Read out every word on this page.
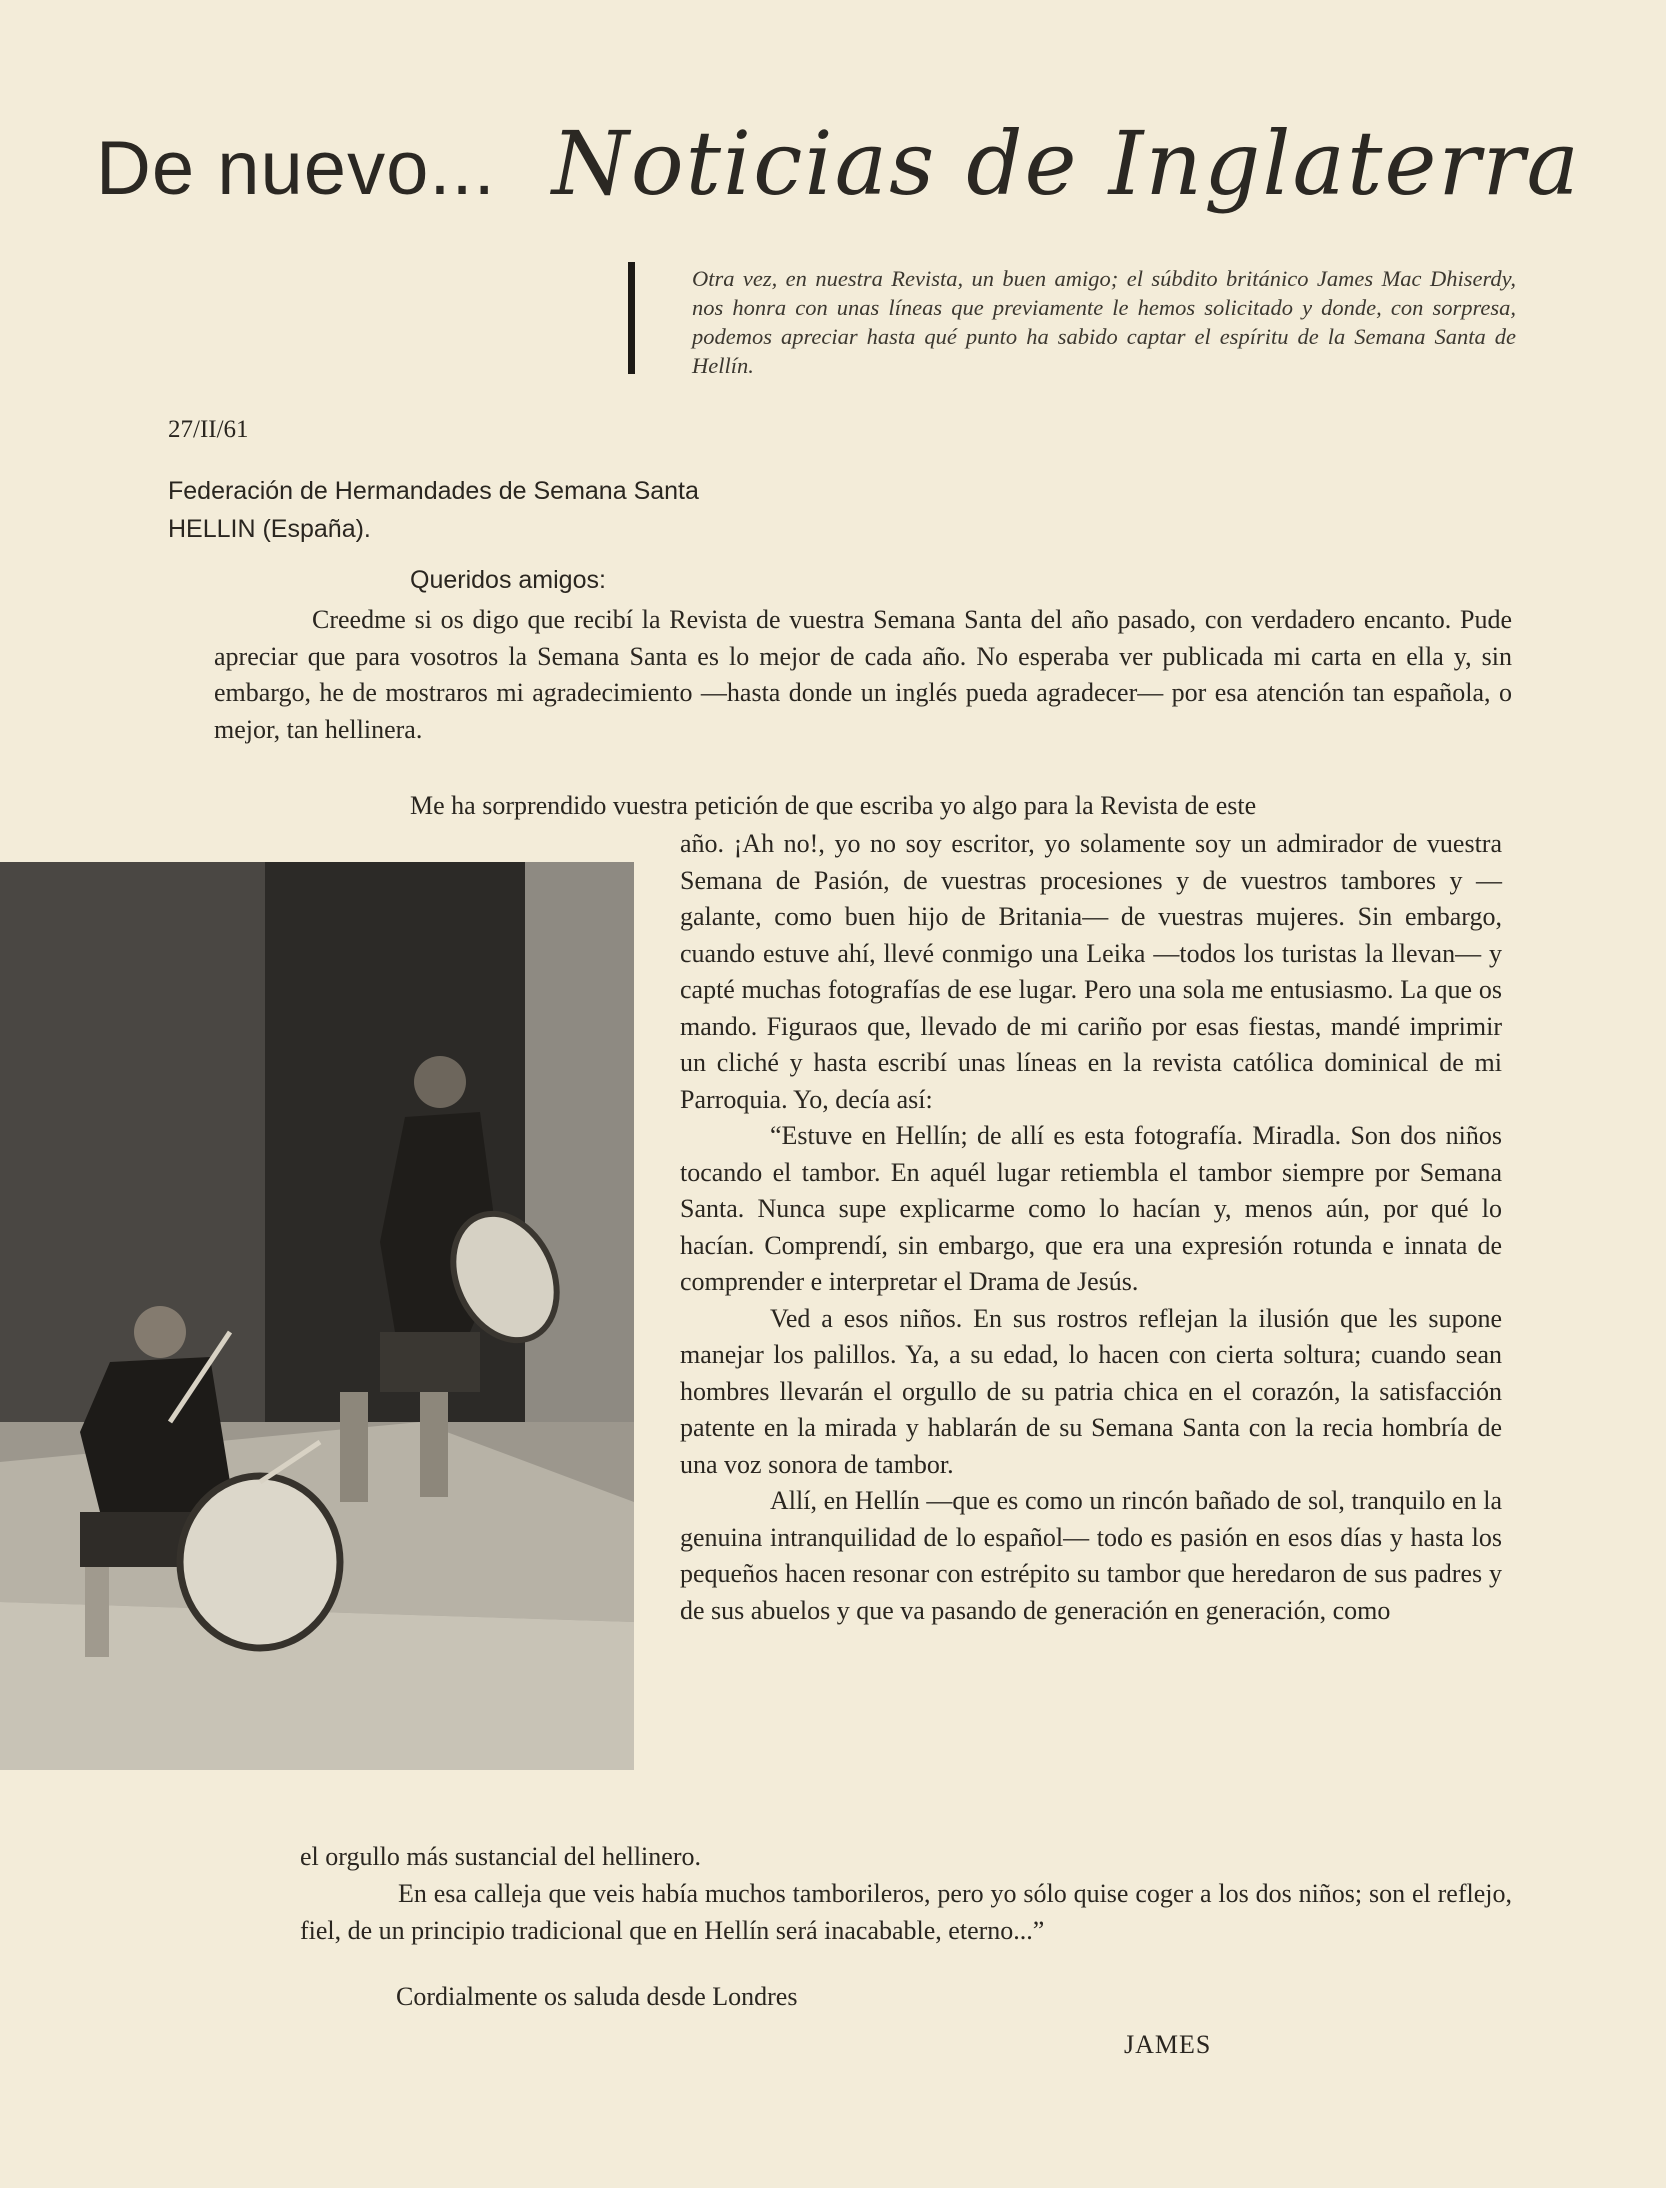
De nuevo... Noticias de Inglaterra
Otra vez, en nuestra Revista, un buen amigo; el súbdito británico James Mac Dhiserdy, nos honra con unas líneas que previamente le hemos solicitado y donde, con sorpresa, podemos apreciar hasta qué punto ha sabido captar el espíritu de la Semana Santa de Hellín.
27/II/61
Federación de Hermandades de Semana Santa
HELLIN (España).
Queridos amigos:

Creedme si os digo que recibí la Revista de vuestra Semana Santa del año pasado, con verdadero encanto. Pude apreciar que para vosotros la Semana Santa es lo mejor de cada año. No esperaba ver publicada mi carta en ella y, sin embargo, he de mostraros mi agradecimiento —hasta donde un inglés pueda agradecer— por esa atención tan española, o mejor, tan hellinera.

Me ha sorprendido vuestra petición de que escriba yo algo para la Revista de este

año. ¡Ah no!, yo no soy escritor, yo solamente soy un admirador de vuestra Semana de Pasión, de vuestras procesiones y de vuestros tambores y —galante, como buen hijo de Britania— de vuestras mujeres. Sin embargo, cuando estuve ahí, llevé conmigo una Leika —todos los turistas la llevan— y capté muchas fotografías de ese lugar. Pero una sola me entusiasmo. La que os mando. Figuraos que, llevado de mi cariño por esas fiestas, mandé imprimir un cliché y hasta escribí unas líneas en la revista católica dominical de mi Parroquia. Yo, decía así:

“Estuve en Hellín; de allí es esta fotografía. Miradla. Son dos niños tocando el tambor. En aquél lugar retiembla el tambor siempre por Semana Santa. Nunca supe explicarme como lo hacían y, menos aún, por qué lo hacían. Comprendí, sin embargo, que era una expresión rotunda e innata de comprender e interpretar el Drama de Jesús.

Ved a esos niños. En sus rostros reflejan la ilusión que les supone manejar los palillos. Ya, a su edad, lo hacen con cierta soltura; cuando sean hombres llevarán el orgullo de su patria chica en el corazón, la satisfacción patente en la mirada y hablarán de su Semana Santa con la recia hombría de una voz sonora de tambor.

Allí, en Hellín —que es como un rincón bañado de sol, tranquilo en la genuina intranquilidad de lo español— todo es pasión en esos días y hasta los pequeños hacen resonar con estrépito su tambor que heredaron de sus padres y de sus abuelos y que va pasando de generación en generación, como

el orgullo más sustancial del hellinero.

En esa calleja que veis había muchos tamborileros, pero yo sólo quise coger a los dos niños; son el reflejo, fiel, de un principio tradicional que en Hellín será inacabable, eterno...”

Cordialmente os saluda desde Londres
JAMES
